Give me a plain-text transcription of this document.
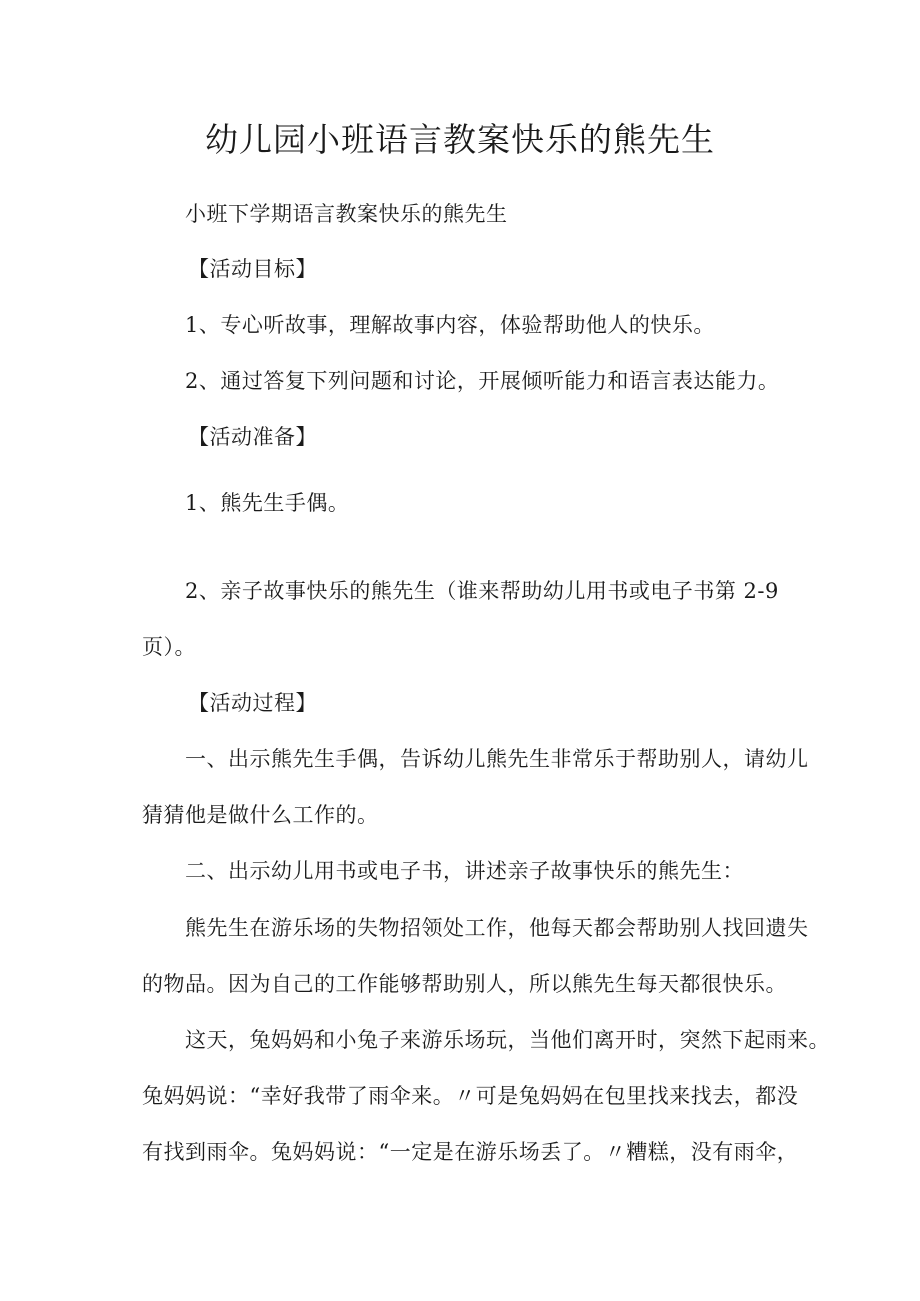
幼儿园小班语言教案快乐的熊先生

小班下学期语言教案快乐的熊先生

【活动目标】

1、专心听故事，理解故事内容，体验帮助他人的快乐。

2、通过答复下列问题和讨论，开展倾听能力和语言表达能力。

【活动准备】

1、熊先生手偶。

2、亲子故事快乐的熊先生（谁来帮助幼儿用书或电子书第 2-9

页）。

【活动过程】

一、出示熊先生手偶，告诉幼儿熊先生非常乐于帮助别人，请幼儿

猜猜他是做什么工作的。

二、出示幼儿用书或电子书，讲述亲子故事快乐的熊先生：

熊先生在游乐场的失物招领处工作，他每天都会帮助别人找回遗失

的物品。因为自己的工作能够帮助别人，所以熊先生每天都很快乐。

这天，兔妈妈和小兔子来游乐场玩，当他们离开时，突然下起雨来。

兔妈妈说：“幸好我带了雨伞来。〃可是兔妈妈在包里找来找去，都没

有找到雨伞。兔妈妈说：“一定是在游乐场丢了。〃糟糕，没有雨伞，
